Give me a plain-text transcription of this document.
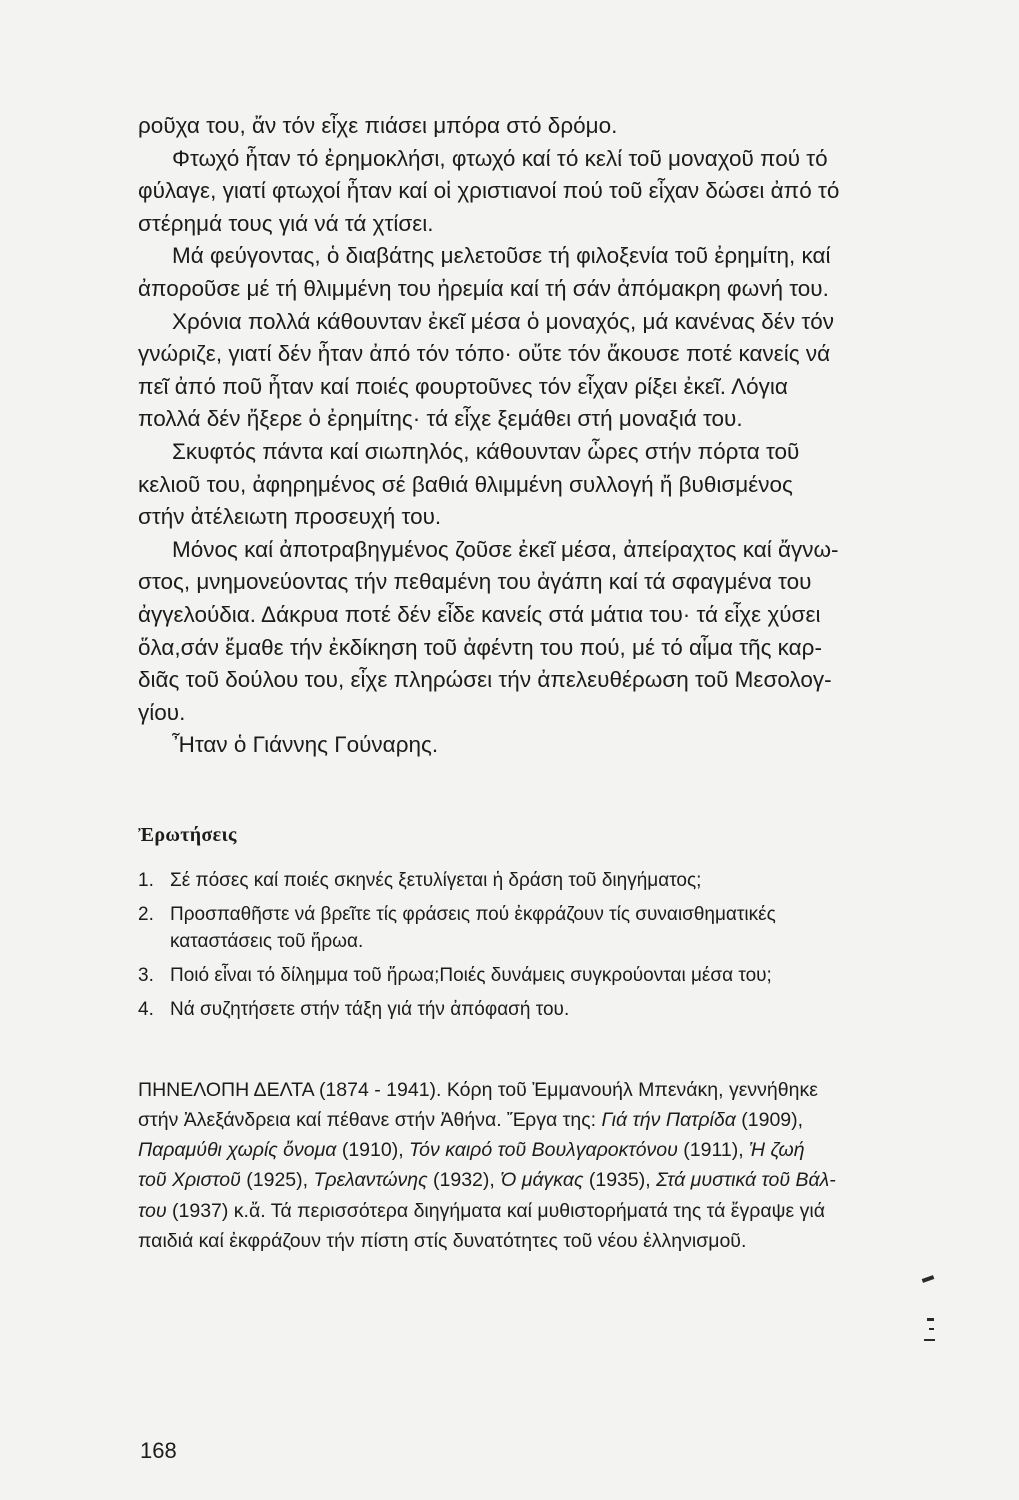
ροῦχα του, ἄν τόν εἶχε πιάσει μπόρα στό δρόμο.
Φτωχό ἦταν τό ἐρημοκλήσι, φτωχό καί τό κελί τοῦ μοναχοῦ πού τό
φύλαγε, γιατί φτωχοί ἦταν καί οἱ χριστιανοί πού τοῦ εἶχαν δώσει ἀπό τό
στέρημά τους γιά νά τά χτίσει.
Μά φεύγοντας, ὁ διαβάτης μελετοῦσε τή φιλοξενία τοῦ ἐρημίτη, καί
ἀποροῦσε μέ τή θλιμμένη του ἠρεμία καί τή σάν ἀπόμακρη φωνή του.
Χρόνια πολλά κάθουνταν ἐκεῖ μέσα ὁ μοναχός, μά κανένας δέν τόν
γνώριζε, γιατί δέν ἦταν ἀπό τόν τόπο· οὔτε τόν ἄκουσε ποτέ κανείς νά
πεῖ ἀπό ποῦ ἦταν καί ποιές φουρτοῦνες τόν εἶχαν ρίξει ἐκεῖ. Λόγια
πολλά δέν ἤξερε ὁ ἐρημίτης· τά εἶχε ξεμάθει στή μοναξιά του.
Σκυφτός πάντα καί σιωπηλός, κάθουνταν ὧρες στήν πόρτα τοῦ
κελιοῦ του, ἀφηρημένος σέ βαθιά θλιμμένη συλλογή ἤ βυθισμένος
στήν ἀτέλειωτη προσευχή του.
Μόνος καί ἀποτραβηγμένος ζοῦσε ἐκεῖ μέσα, ἀπείραχτος καί ἄγνω-
στος, μνημονεύοντας τήν πεθαμένη του ἀγάπη καί τά σφαγμένα του
ἀγγελούδια. Δάκρυα ποτέ δέν εἶδε κανείς στά μάτια του· τά εἶχε χύσει
ὅλα,σάν ἔμαθε τήν ἐκδίκηση τοῦ ἀφέντη του πού, μέ τό αἷμα τῆς καρ-
διᾶς τοῦ δούλου του, εἶχε πληρώσει τήν ἀπελευθέρωση τοῦ Μεσολογ-
γίου.
Ἦταν ὁ Γιάννης Γούναρης.
Ἐρωτήσεις
1. Σέ πόσες καί ποιές σκηνές ξετυλίγεται ἡ δράση τοῦ διηγήματος;
2. Προσπαθῆστε νά βρεῖτε τίς φράσεις πού ἐκφράζουν τίς συναισθηματικές
καταστάσεις τοῦ ἥρωα.
3. Ποιό εἶναι τό δίλημμα τοῦ ἥρωα;Ποιές δυνάμεις συγκρούονται μέσα του;
4. Νά συζητήσετε στήν τάξη γιά τήν ἀπόφασή του.
ΠΗΝΕΛΟΠΗ ΔΕΛΤΑ (1874 - 1941). Κόρη τοῦ Ἐμμανουήλ Μπενάκη, γεννήθηκε
στήν Ἀλεξάνδρεια καί πέθανε στήν Ἀθήνα. Ἔργα της: Γιά τήν Πατρίδα (1909),
Παραμύθι χωρίς ὄνομα (1910), Τόν καιρό τοῦ Βουλγαροκτόνου (1911), Ἡ ζωή
τοῦ Χριστοῦ (1925), Τρελαντώνης (1932), Ὁ μάγκας (1935), Στά μυστικά τοῦ Βάλ-
του (1937) κ.ἄ. Τά περισσότερα διηγήματα καί μυθιστορήματά της τά ἔγραψε γιά
παιδιά καί ἐκφράζουν τήν πίστη στίς δυνατότητες τοῦ νέου ἑλληνισμοῦ.
168
